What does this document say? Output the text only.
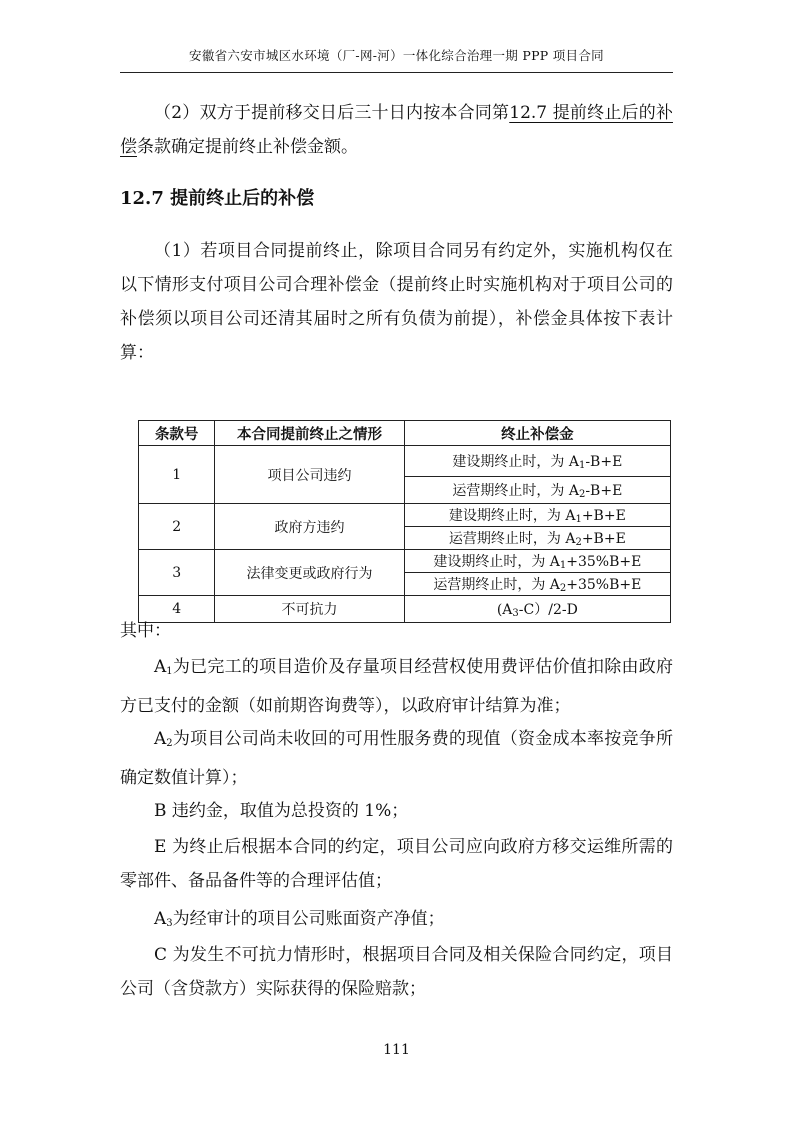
安徽省六安市城区水环境（厂-网-河）一体化综合治理一期 PPP 项目合同
（2）双方于提前移交日后三十日内按本合同第12.7 提前终止后的补偿条款确定提前终止补偿金额。
12.7 提前终止后的补偿
（1）若项目合同提前终止，除项目合同另有约定外，实施机构仅在以下情形支付项目公司合理补偿金（提前终止时实施机构对于项目公司的补偿须以项目公司还清其届时之所有负债为前提），补偿金具体按下表计算：
条款号	本合同提前终止之情形	终止补偿金
1	项目公司违约	建设期终止时，为 $A_1-B+E$
		运营期终止时，为 $A_2-B+E$
2	政府方违约	建设期终止时，为 $A_1+B+E$
		运营期终止时，为 $A_2+B+E$
3	法律变更或政府行为	建设期终止时，为 $A_1+35\%B+E$
		运营期终止时，为 $A_2+35\%B+E$
4	不可抗力	$(A_3-C)/2-D$
其中：
$A_1$为已完工的项目造价及存量项目经营权使用费评估价值扣除由政府方已支付的金额（如前期咨询费等），以政府审计结算为准；
$A_2$为项目公司尚未收回的可用性服务费的现值（资金成本率按竞争所确定数值计算）；
B 违约金，取值为总投资的 1%；
E 为终止后根据本合同的约定，项目公司应向政府方移交运维所需的零部件、备品备件等的合理评估值；
$A_3$为经审计的项目公司账面资产净值；
C 为发生不可抗力情形时，根据项目合同及相关保险合同约定，项目公司（含贷款方）实际获得的保险赔款；
111
